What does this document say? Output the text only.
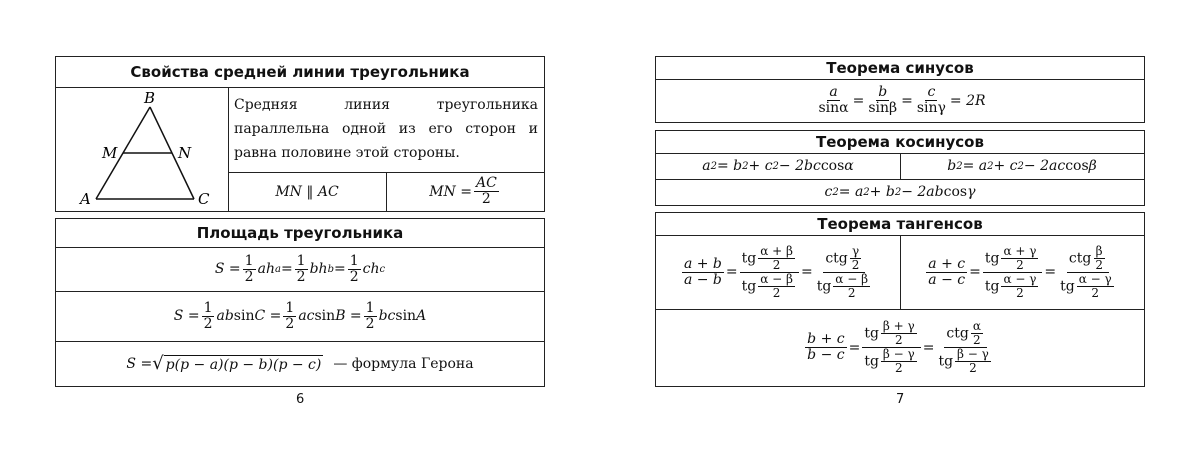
Свойства средней линии треугольника
B
M	N
A	C
Средняя линия треугольника параллельна одной из его сторон и равна половине этой стороны.
MN ‖ AC	MN = $\frac{AC}{2}$
Площадь треугольника
$S = \frac{1}{2}$ ah $a = \frac{1}{2}$ bh $b = \frac{1}{2}$ ch c
$S = \frac{1}{2}$ ab $\sin C = \frac{1}{2}$ ac $\sin B = \frac{1}{2}$ bc sin A
S = √ p(p − a)(p − b)(p − c) — формула Герона
6
Теорема синусов
$\frac{a}{\sin\alpha} = \frac{b}{\sin\beta} = \frac{c}{\sin\gamma} = 2R$
Теорема косинусов
a 2 = b 2 + c 2 − 2bc cos α	b 2 = a 2 + c 2 − 2ac cos β
c 2 = a 2 + b 2 − 2ab cos γ
Теорема тангенсов
$\frac{a + b}{a - b} = \frac{tg \frac{\alpha + \beta}{2}}{tg \frac{\alpha - \beta}{2}} = \frac{ctg \frac{\gamma}{2}}{tg \frac{\alpha - \beta}{2}}$	$\frac{a + c}{a - c} = \frac{tg \frac{\alpha + \gamma}{2}}{tg \frac{\alpha - \gamma}{2}} = \frac{ctg \frac{\beta}{2}}{tg \frac{\alpha - \gamma}{2}}$
$\frac{b + c}{b - c} = \frac{tg \frac{\beta + \gamma}{2}}{tg \frac{\beta - \gamma}{2}} = \frac{ctg \frac{\alpha}{2}}{tg \frac{\beta - \gamma}{2}}$
7
